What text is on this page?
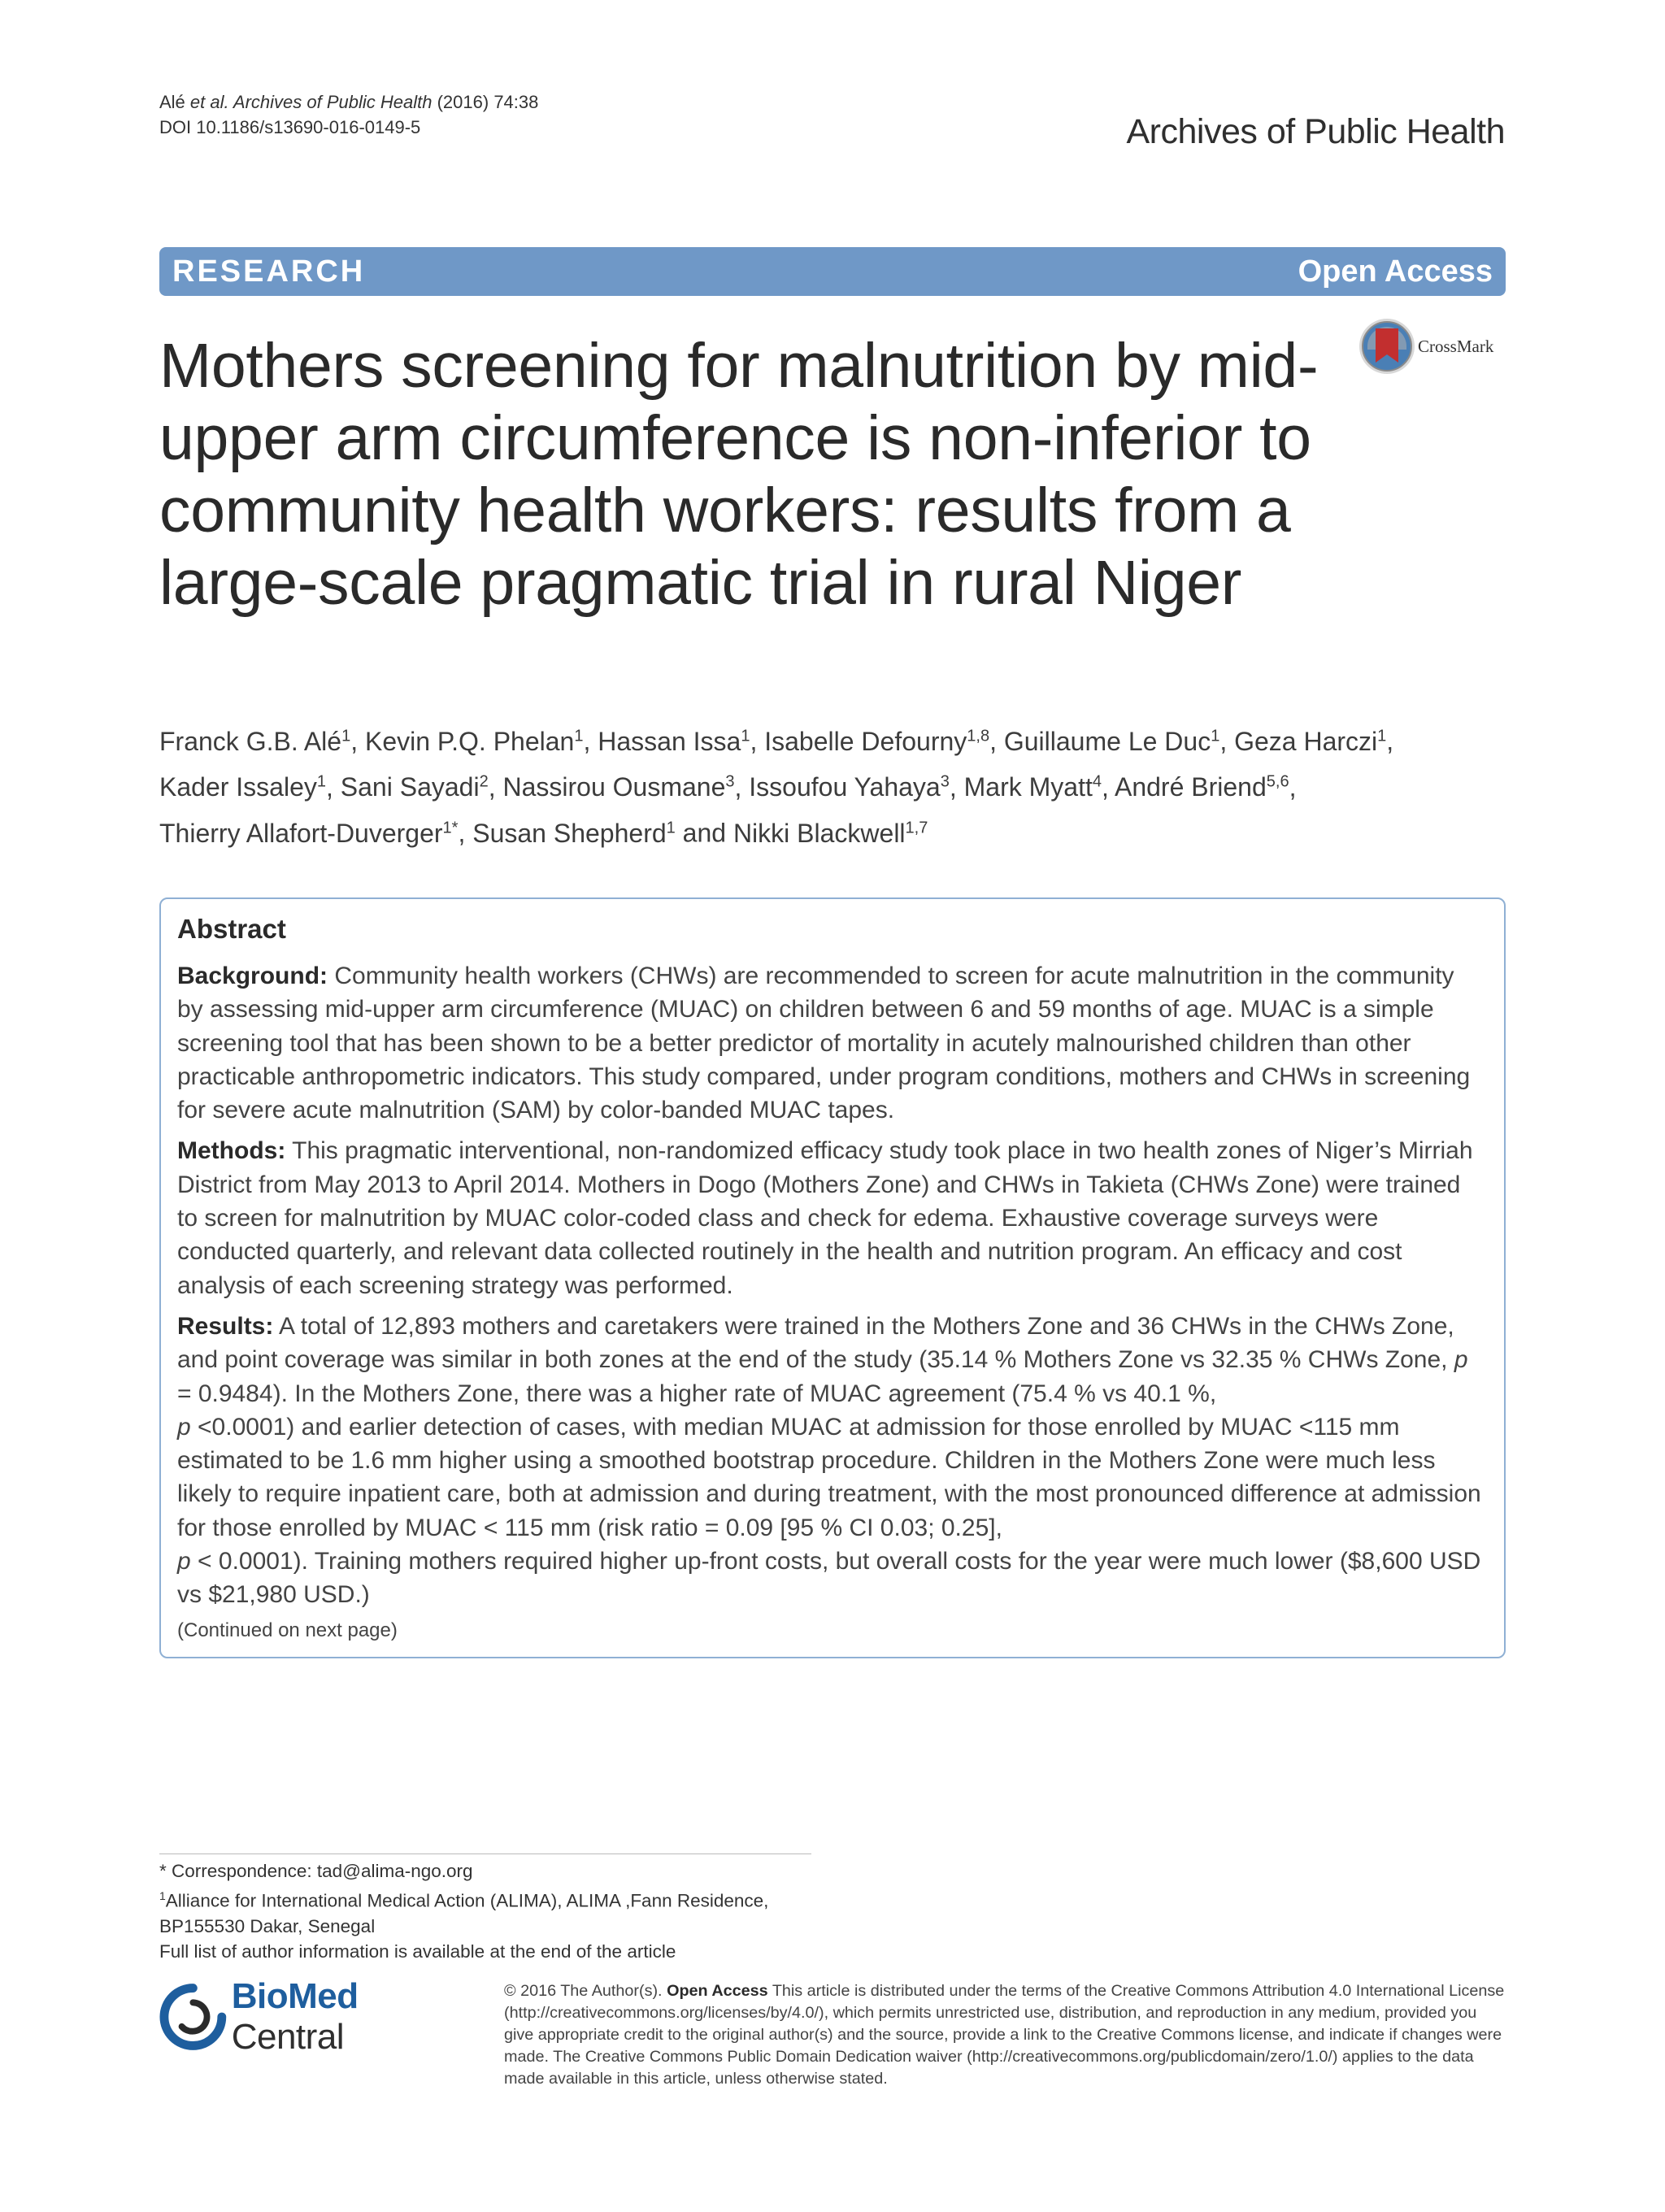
Alé et al. Archives of Public Health (2016) 74:38
DOI 10.1186/s13690-016-0149-5	Archives of Public Health
RESEARCH	Open Access
CrossMark
Mothers screening for malnutrition by mid-upper arm circumference is non-inferior to community health workers: results from a large-scale pragmatic trial in rural Niger
Franck G.B. Alé$^1$, Kevin P.Q. Phelan$^1$, Hassan Issa$^1$, Isabelle Defourny$^{1,8}$, Guillaume Le Duc$^1$, Geza Harczi$^1$,
Kader Issaley$^1$, Sani Sayadi$^2$, Nassirou Ousmane$^3$, Issoufou Yahaya$^3$, Mark Myatt$^4$, André Briend$^{5,6}$,
Thierry Allafort-Duverger$^{1*}$, Susan Shepherd$^1$ and Nikki Blackwell$^{1,7}$
Abstract

Background: Community health workers (CHWs) are recommended to screen for acute malnutrition in the community by assessing mid-upper arm circumference (MUAC) on children between 6 and 59 months of age. MUAC is a simple screening tool that has been shown to be a better predictor of mortality in acutely malnourished children than other practicable anthropometric indicators. This study compared, under program conditions, mothers and CHWs in screening for severe acute malnutrition (SAM) by color-banded MUAC tapes.

Methods: This pragmatic interventional, non-randomized efficacy study took place in two health zones of Niger’s Mirriah District from May 2013 to April 2014. Mothers in Dogo (Mothers Zone) and CHWs in Takieta (CHWs Zone) were trained to screen for malnutrition by MUAC color-coded class and check for edema. Exhaustive coverage surveys were conducted quarterly, and relevant data collected routinely in the health and nutrition program. An efficacy and cost analysis of each screening strategy was performed.

Results: A total of 12,893 mothers and caretakers were trained in the Mothers Zone and 36 CHWs in the CHWs Zone, and point coverage was similar in both zones at the end of the study (35.14 % Mothers Zone vs 32.35 % CHWs Zone, p = 0.9484). In the Mothers Zone, there was a higher rate of MUAC agreement (75.4 % vs 40.1 %,
p <0.0001) and earlier detection of cases, with median MUAC at admission for those enrolled by MUAC <115 mm estimated to be 1.6 mm higher using a smoothed bootstrap procedure. Children in the Mothers Zone were much less likely to require inpatient care, both at admission and during treatment, with the most pronounced difference at admission for those enrolled by MUAC < 115 mm (risk ratio = 0.09 [95 % CI 0.03; 0.25],
p < 0.0001). Training mothers required higher up-front costs, but overall costs for the year were much lower ($8,600 USD vs $21,980 USD.)

(Continued on next page)
* Correspondence: tad@alima-ngo.org
$^1$Alliance for International Medical Action (ALIMA), ALIMA ,Fann Residence,
BP155530 Dakar, Senegal
Full list of author information is available at the end of the article
BioMed Central
© 2016 The Author(s). Open Access This article is distributed under the terms of the Creative Commons Attribution 4.0 International License (http://creativecommons.org/licenses/by/4.0/), which permits unrestricted use, distribution, and reproduction in any medium, provided you give appropriate credit to the original author(s) and the source, provide a link to the Creative Commons license, and indicate if changes were made. The Creative Commons Public Domain Dedication waiver (http://creativecommons.org/publicdomain/zero/1.0/) applies to the data made available in this article, unless otherwise stated.
